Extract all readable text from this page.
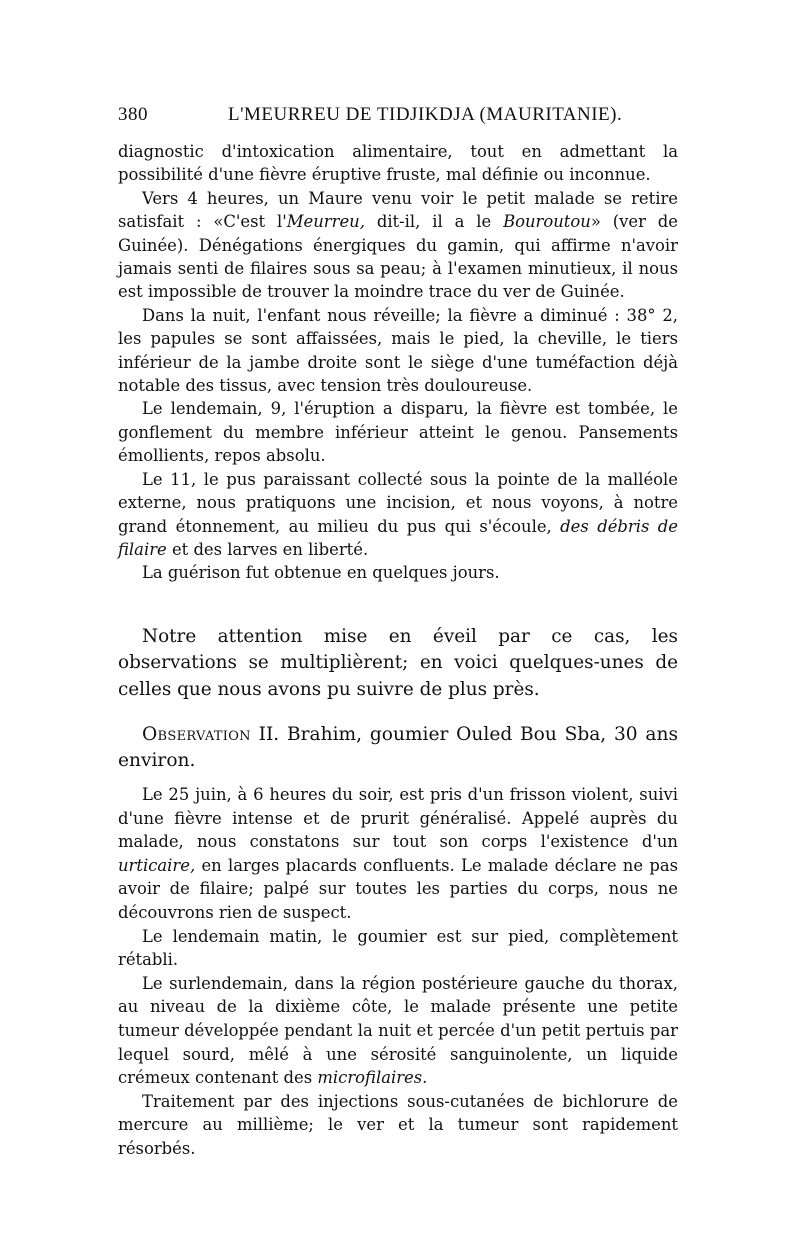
380	L'MEURREU DE TIDJIKDJA (MAURITANIE).

diagnostic d'intoxication alimentaire, tout en admettant la possibilité d'une fièvre éruptive fruste, mal définie ou inconnue.

Vers 4 heures, un Maure venu voir le petit malade se retire satisfait : «C'est l'Meurreu, dit-il, il a le Bouroutou» (ver de Guinée). Dénégations énergiques du gamin, qui affirme n'avoir jamais senti de filaires sous sa peau; à l'examen minutieux, il nous est impossible de trouver la moindre trace du ver de Guinée.

Dans la nuit, l'enfant nous réveille; la fièvre a diminué : 38° 2, les papules se sont affaissées, mais le pied, la cheville, le tiers inférieur de la jambe droite sont le siège d'une tuméfaction déjà notable des tissus, avec tension très douloureuse.

Le lendemain, 9, l'éruption a disparu, la fièvre est tombée, le gonflement du membre inférieur atteint le genou. Pansements émollients, repos absolu.

Le 11, le pus paraissant collecté sous la pointe de la malléole externe, nous pratiquons une incision, et nous voyons, à notre grand étonnement, au milieu du pus qui s'écoule, des débris de filaire et des larves en liberté.

La guérison fut obtenue en quelques jours.

Notre attention mise en éveil par ce cas, les observations se multiplièrent; en voici quelques-unes de celles que nous avons pu suivre de plus près.

Observation II. Brahim, goumier Ouled Bou Sba, 30 ans environ.

Le 25 juin, à 6 heures du soir, est pris d'un frisson violent, suivi d'une fièvre intense et de prurit généralisé. Appelé auprès du malade, nous constatons sur tout son corps l'existence d'un urticaire, en larges placards confluents. Le malade déclare ne pas avoir de filaire; palpé sur toutes les parties du corps, nous ne découvrons rien de suspect.

Le lendemain matin, le goumier est sur pied, complètement rétabli.

Le surlendemain, dans la région postérieure gauche du thorax, au niveau de la dixième côte, le malade présente une petite tumeur développée pendant la nuit et percée d'un petit pertuis par lequel sourd, mêlé à une sérosité sanguinolente, un liquide crémeux contenant des microfilaires.

Traitement par des injections sous-cutanées de bichlorure de mercure au millième; le ver et la tumeur sont rapidement résorbés.
